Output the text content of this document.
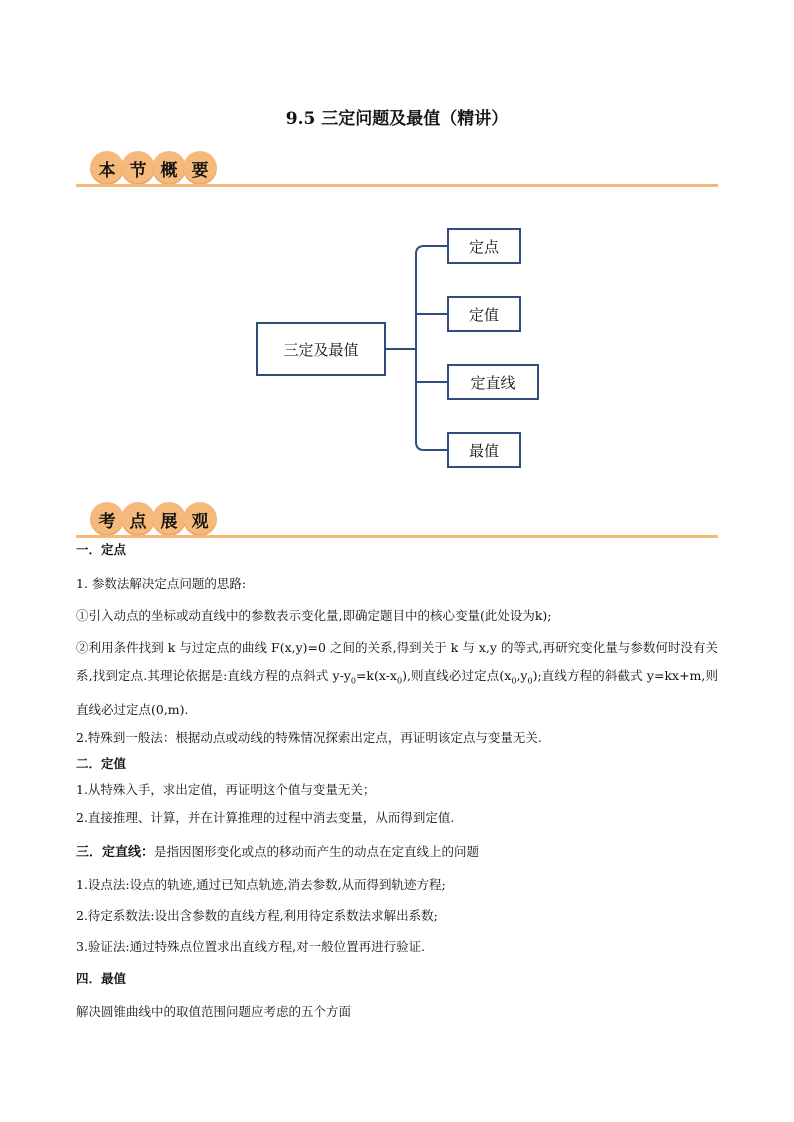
9.5 三定问题及最值（精讲）
本 节 概 要
三定及最值
定点
定值
定直线
最值
考 点 展 观
一．定点
1. 参数法解决定点问题的思路:
①引入动点的坐标或动直线中的参数表示变化量,即确定题目中的核心变量(此处设为k);
②利用条件找到 k 与过定点的曲线 F(x,y)=0 之间的关系,得到关于 k 与 x,y 的等式,再研究变化量与参数何时没有关系,找到定点.其理论依据是:直线方程的点斜式 $y-y_0=k(x-x_0)$,则直线必过定点$(x_0,y_0)$;直线方程的斜截式 y=kx+m,则直线必过定点(0,m).
2.特殊到一般法：根据动点或动线的特殊情况探索出定点，再证明该定点与变量无关.
二．定值
1.从特殊入手，求出定值，再证明这个值与变量无关；
2.直接推理、计算，并在计算推理的过程中消去变量，从而得到定值.
三．定直线：是指因图形变化或点的移动而产生的动点在定直线上的问题
1.设点法:设点的轨迹,通过已知点轨迹,消去参数,从而得到轨迹方程;
2.待定系数法:设出含参数的直线方程,利用待定系数法求解出系数;
3.验证法:通过特殊点位置求出直线方程,对一般位置再进行验证.
四．最值
解决圆锥曲线中的取值范围问题应考虑的五个方面
